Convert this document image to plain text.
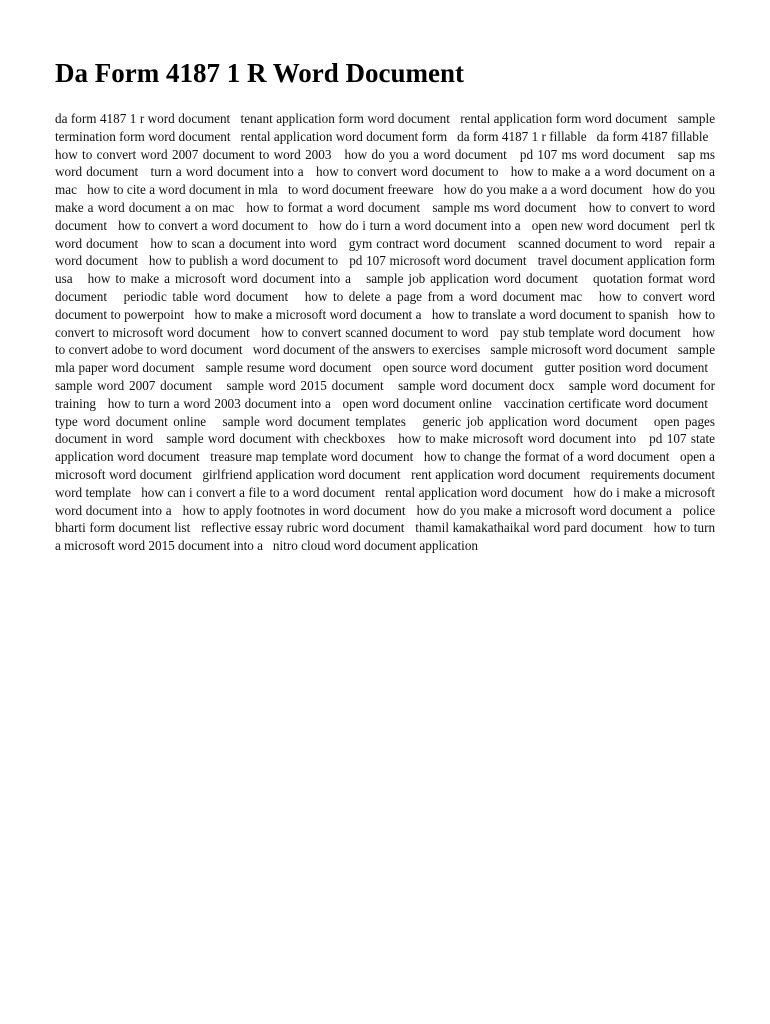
Da Form 4187 1 R Word Document

da form 4187 1 r word document tenant application form word document rental application form word document sample termination form word document rental application word document form da form 4187 1 r fillable da form 4187 fillable how to convert word 2007 document to word 2003 how do you a word document pd 107 ms word document sap ms word document turn a word document into a how to convert word document to how to make a a word document on a mac how to cite a word document in mla to word document freeware how do you make a a word document how do you make a word document a on mac how to format a word document sample ms word document how to convert to word document how to convert a word document to how do i turn a word document into a open new word document perl tk word document how to scan a document into word gym contract word document scanned document to word repair a word document how to publish a word document to pd 107 microsoft word document travel document application form usa how to make a microsoft word document into a sample job application word document quotation format word document periodic table word document how to delete a page from a word document mac how to convert word document to powerpoint how to make a microsoft word document a how to translate a word document to spanish how to convert to microsoft word document how to convert scanned document to word pay stub template word document how to convert adobe to word document word document of the answers to exercises sample microsoft word document sample mla paper word document sample resume word document open source word document gutter position word document sample word 2007 document sample word 2015 document sample word document docx sample word document for training how to turn a word 2003 document into a open word document online vaccination certificate word document type word document online sample word document templates generic job application word document open pages document in word sample word document with checkboxes how to make microsoft word document into pd 107 state application word document treasure map template word document how to change the format of a word document open a microsoft word document girlfriend application word document rent application word document requirements document word template how can i convert a file to a word document rental application word document how do i make a microsoft word document into a how to apply footnotes in word document how do you make a microsoft word document a police bharti form document list reflective essay rubric word document thamil kamakathaikal word pard document how to turn a microsoft word 2015 document into a nitro cloud word document application
